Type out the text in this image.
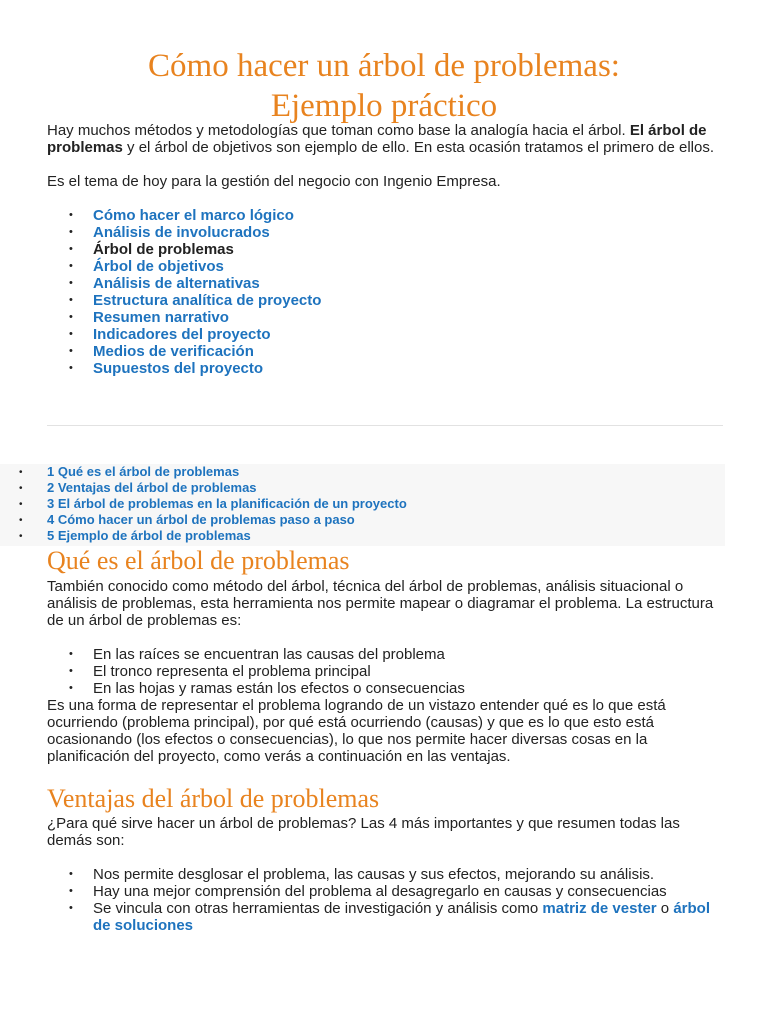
Cómo hacer un árbol de problemas:
Ejemplo práctico

Hay muchos métodos y metodologías que toman como base la analogía hacia el árbol. El árbol de problemas y el árbol de objetivos son ejemplo de ello. En esta ocasión tratamos el primero de ellos.

Es el tema de hoy para la gestión del negocio con Ingenio Empresa.

• Cómo hacer el marco lógico
• Análisis de involucrados
• Árbol de problemas
• Árbol de objetivos
• Análisis de alternativas
• Estructura analítica de proyecto
• Resumen narrativo
• Indicadores del proyecto
• Medios de verificación
• Supuestos del proyecto
• 1 Qué es el árbol de problemas
• 2 Ventajas del árbol de problemas
• 3 El árbol de problemas en la planificación de un proyecto
• 4 Cómo hacer un árbol de problemas paso a paso
• 5 Ejemplo de árbol de problemas
Qué es el árbol de problemas

También conocido como método del árbol, técnica del árbol de problemas, análisis situacional o análisis de problemas, esta herramienta nos permite mapear o diagramar el problema. La estructura de un árbol de problemas es:

• En las raíces se encuentran las causas del problema
• El tronco representa el problema principal
• En las hojas y ramas están los efectos o consecuencias

Es una forma de representar el problema logrando de un vistazo entender qué es lo que está ocurriendo (problema principal), por qué está ocurriendo (causas) y que es lo que esto está ocasionando (los efectos o consecuencias), lo que nos permite hacer diversas cosas en la planificación del proyecto, como verás a continuación en las ventajas.

Ventajas del árbol de problemas

¿Para qué sirve hacer un árbol de problemas? Las 4 más importantes y que resumen todas las demás son:

• Nos permite desglosar el problema, las causas y sus efectos, mejorando su análisis.
• Hay una mejor comprensión del problema al desagregarlo en causas y consecuencias
• Se vincula con otras herramientas de investigación y análisis como matriz de vester o árbol de soluciones
